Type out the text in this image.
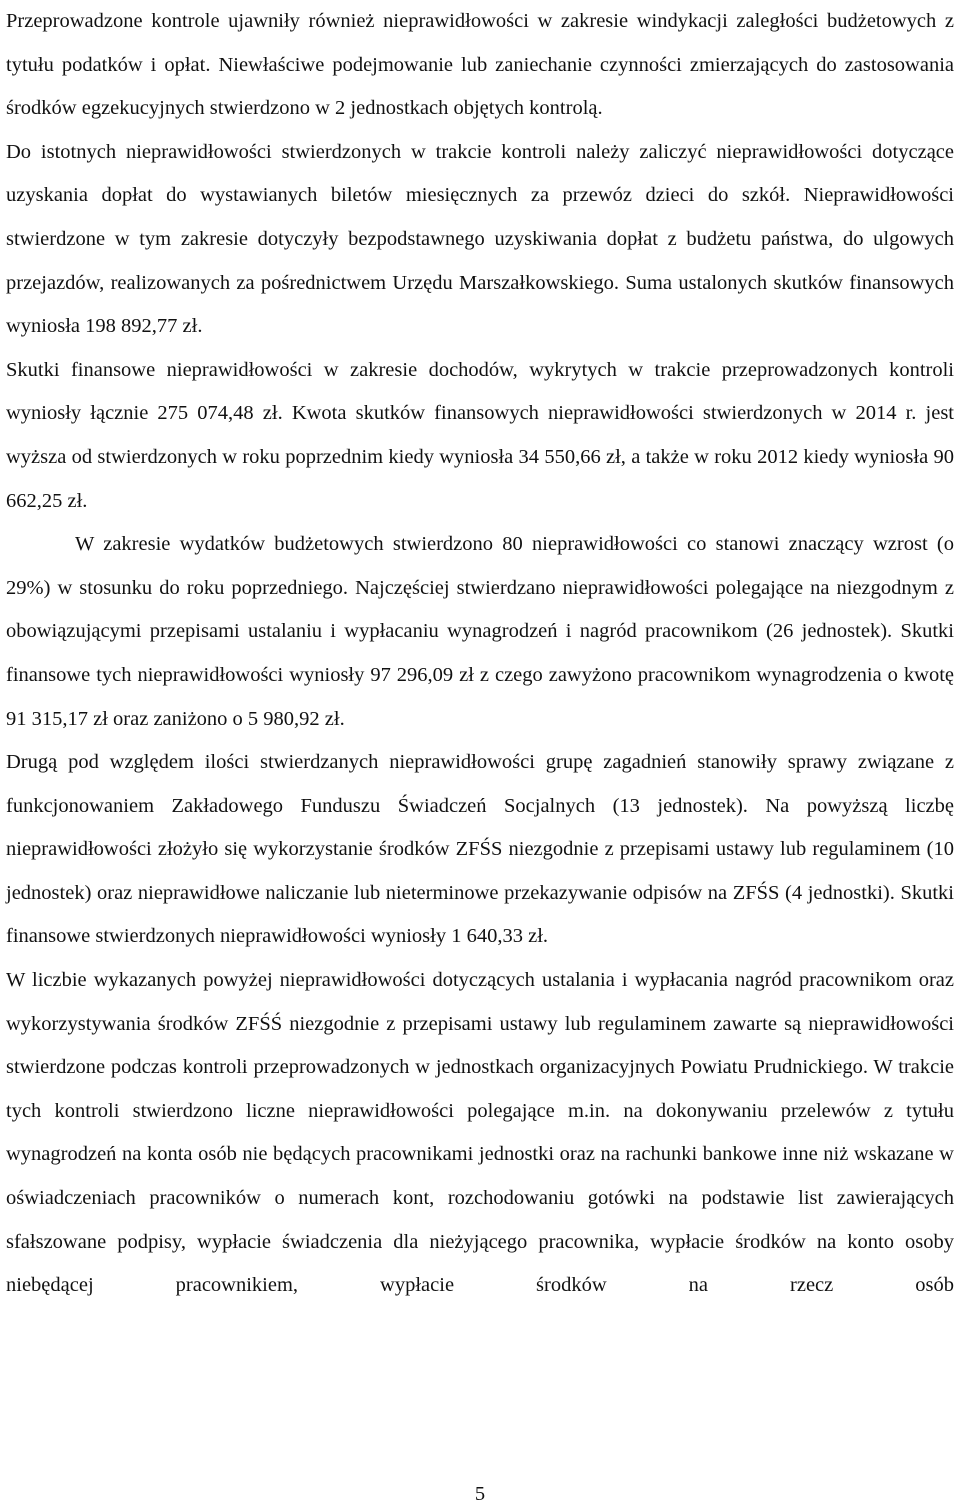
Przeprowadzone kontrole ujawniły również nieprawidłowości w zakresie windykacji zaległości budżetowych z tytułu podatków i opłat. Niewłaściwe podejmowanie lub zaniechanie czynności zmierzających do zastosowania środków egzekucyjnych stwierdzono w 2 jednostkach objętych kontrolą.

Do istotnych nieprawidłowości stwierdzonych w trakcie kontroli należy zaliczyć nieprawidłowości dotyczące uzyskania dopłat do wystawianych biletów miesięcznych za przewóz dzieci do szkół. Nieprawidłowości stwierdzone w tym zakresie dotyczyły bezpodstawnego uzyskiwania dopłat z budżetu państwa, do ulgowych przejazdów, realizowanych za pośrednictwem Urzędu Marszałkowskiego. Suma ustalonych skutków finansowych wyniosła 198 892,77 zł.

Skutki finansowe nieprawidłowości w zakresie dochodów, wykrytych w trakcie przeprowadzonych kontroli wyniosły łącznie 275 074,48 zł. Kwota skutków finansowych nieprawidłowości stwierdzonych w 2014 r. jest wyższa od stwierdzonych w roku poprzednim kiedy wyniosła 34 550,66 zł, a także w roku 2012 kiedy wyniosła 90 662,25 zł.

W zakresie wydatków budżetowych stwierdzono 80 nieprawidłowości co stanowi znaczący wzrost (o 29%) w stosunku do roku poprzedniego. Najczęściej stwierdzano nieprawidłowości polegające na niezgodnym z obowiązującymi przepisami ustalaniu i wypłacaniu wynagrodzeń i nagród pracownikom (26 jednostek). Skutki finansowe tych nieprawidłowości wyniosły 97 296,09 zł z czego zawyżono pracownikom wynagrodzenia o kwotę 91 315,17 zł oraz zaniżono o 5 980,92 zł.

Drugą pod względem ilości stwierdzanych nieprawidłowości grupę zagadnień stanowiły sprawy związane z funkcjonowaniem Zakładowego Funduszu Świadczeń Socjalnych (13 jednostek). Na powyższą liczbę nieprawidłowości złożyło się wykorzystanie środków ZFŚS niezgodnie z przepisami ustawy lub regulaminem (10 jednostek) oraz nieprawidłowe naliczanie lub nieterminowe przekazywanie odpisów na ZFŚS (4 jednostki). Skutki finansowe stwierdzonych nieprawidłowości wyniosły 1 640,33 zł.

W liczbie wykazanych powyżej nieprawidłowości dotyczących ustalania i wypłacania nagród pracownikom oraz wykorzystywania środków ZFŚŚ niezgodnie z przepisami ustawy lub regulaminem zawarte są nieprawidłowości stwierdzone podczas kontroli przeprowadzonych w jednostkach organizacyjnych Powiatu Prudnickiego. W trakcie tych kontroli stwierdzono liczne nieprawidłowości polegające m.in. na dokonywaniu przelewów z tytułu wynagrodzeń na konta osób nie będących pracownikami jednostki oraz na rachunki bankowe inne niż wskazane w oświadczeniach pracowników o numerach kont, rozchodowaniu gotówki na podstawie list zawierających sfałszowane podpisy, wypłacie świadczenia dla nieżyjącego pracownika, wypłacie środków na konto osoby niebędącej pracownikiem, wypłacie środków na rzecz osób

5
